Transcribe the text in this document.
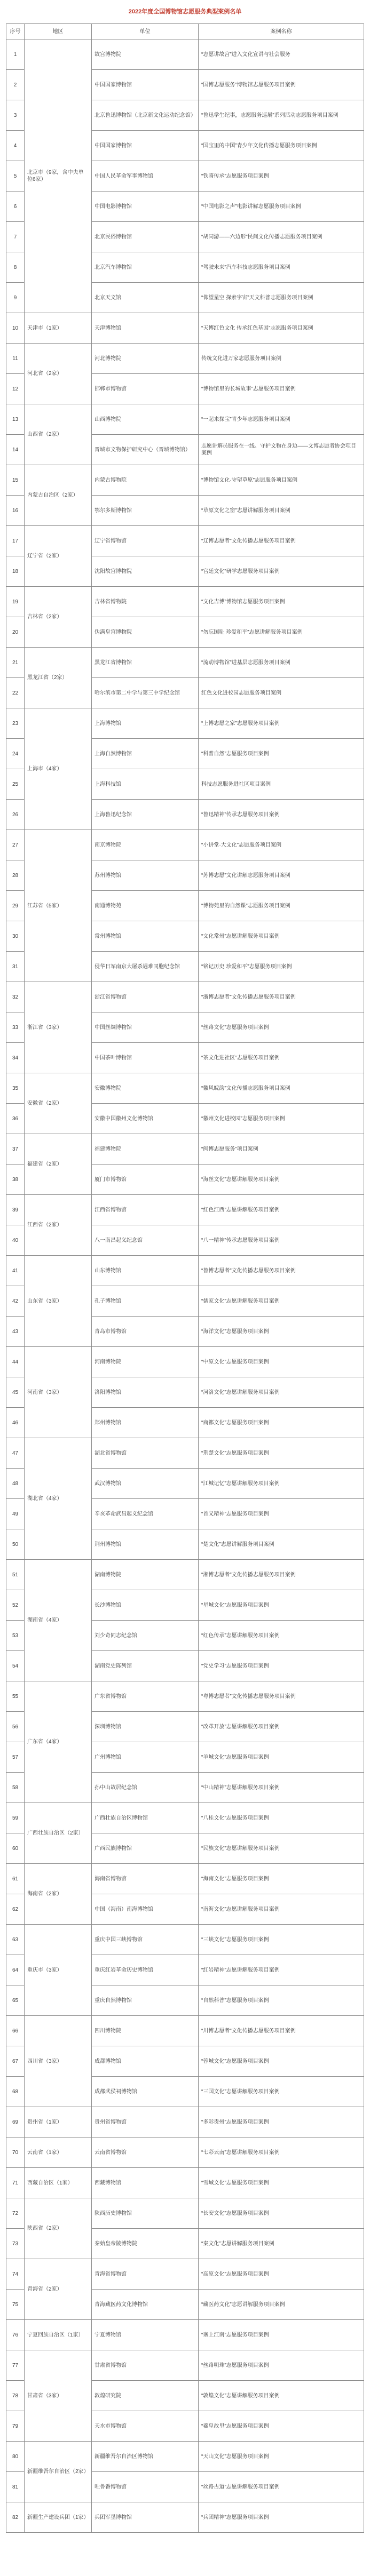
2022年度全国博物馆志愿服务典型案例名单
序号	地区	单位	案例名称
1	北京市（9家，含中央单位6家）	故宫博物院	“志愿讲故宫”进入文化宣讲与社会服务
2		中国国家博物馆	“国博志愿服务”博物馆志愿服务项目案例
3		北京鲁迅博物馆（北京新文化运动纪念馆）	“鲁迅学生纪事，志愿服务巡展”系列活动志愿服务项目案例
4		中国国家博物馆	“国宝里的中国”青少年文化传播志愿服务项目案例
5		中国人民革命军事博物馆	“铁骑传承”志愿服务项目案例
6		中国电影博物馆	“中国电影之声”电影讲解志愿服务项目案例
7		北京民俗博物馆	“胡同游——六边形”民间文化传播志愿服务项目案例
8		北京汽车博物馆	“驾驶未来”汽车科技志愿服务项目案例
9		北京天文馆	“仰望星空 探索宇宙”天文科普志愿服务项目案例
10	天津市（1家）	天津博物馆	“天博红色文化 传承红色基因”志愿服务项目案例
11	河北省（2家）	河北博物院	传统文化进万家志愿服务项目案例
12		邯郸市博物馆	“博物馆里的长城故事”志愿服务项目案例
13	山西省（2家）	山西博物院	“一起来探宝”青少年志愿服务项目案例
14		晋城市文物保护研究中心（晋城博物馆）	志愿讲解员服务在一线、守护文物在身边——文博志愿者协会项目案例
15	内蒙古自治区（2家）	内蒙古博物院	“博物馆文化·守望草原”志愿服务项目案例
16		鄂尔多斯博物馆	“草原文化之窗”志愿讲解服务项目案例
17	辽宁省（2家）	辽宁省博物馆	“辽博志愿者”文化传播志愿服务项目案例
18		沈阳故宫博物院	“宫廷文化”研学志愿服务项目案例
19	吉林省（2家）	吉林省博物院	“文化吉博”博物馆志愿服务项目案例
20		伪满皇宫博物院	“勿忘国耻 珍爱和平”志愿讲解服务项目案例
21	黑龙江省（2家）	黑龙江省博物馆	“流动博物馆”进基层志愿服务项目案例
22		哈尔滨市第二中学与第三中学纪念馆	红色文化进校园志愿服务项目案例
23	上海市（4家）	上海博物馆	“上博志愿之家”志愿服务项目案例
24		上海自然博物馆	“科普自然”志愿服务项目案例
25		上海科技馆	科技志愿服务进社区项目案例
26		上海鲁迅纪念馆	“鲁迅精神”传承志愿服务项目案例
27	江苏省（5家）	南京博物院	“小讲堂·大文化”志愿服务项目案例
28		苏州博物馆	“苏博志愿”文化讲解志愿服务项目案例
29		南通博物苑	“博物苑里的自然课”志愿服务项目案例
30		常州博物馆	“文化常州”志愿讲解服务项目案例
31		侵华日军南京大屠杀遇难同胞纪念馆	“铭记历史 珍爱和平”志愿服务项目案例
32	浙江省（3家）	浙江省博物馆	“浙博志愿者”文化传播志愿服务项目案例
33		中国丝绸博物馆	“丝路文化”志愿服务项目案例
34		中国茶叶博物馆	“茶文化进社区”志愿服务项目案例
35	安徽省（2家）	安徽博物院	“徽风皖韵”文化传播志愿服务项目案例
36		安徽中国徽州文化博物馆	“徽州文化进校园”志愿服务项目案例
37	福建省（2家）	福建博物院	“闽博志愿服务”项目案例
38		厦门市博物馆	“海丝文化”志愿讲解服务项目案例
39	江西省（2家）	江西省博物馆	“红色江西”志愿讲解服务项目案例
40		八一南昌起义纪念馆	“八一精神”传承志愿服务项目案例
41	山东省（3家）	山东博物馆	“鲁博志愿者”文化传播志愿服务项目案例
42		孔子博物馆	“儒家文化”志愿讲解服务项目案例
43		青岛市博物馆	“海洋文化”志愿服务项目案例
44	河南省（3家）	河南博物院	“中原文化”志愿服务项目案例
45		洛阳博物馆	“河洛文化”志愿讲解服务项目案例
46		郑州博物馆	“商都文化”志愿服务项目案例
47	湖北省（4家）	湖北省博物馆	“荆楚文化”志愿服务项目案例
48		武汉博物馆	“江城记忆”志愿讲解服务项目案例
49		辛亥革命武昌起义纪念馆	“首义精神”志愿服务项目案例
50		荆州博物馆	“楚文化”志愿讲解服务项目案例
51	湖南省（4家）	湖南博物院	“湘博志愿者”文化传播志愿服务项目案例
52		长沙博物馆	“星城文化”志愿服务项目案例
53		刘少奇同志纪念馆	“红色传承”志愿讲解服务项目案例
54		湖南党史陈列馆	“党史学习”志愿服务项目案例
55	广东省（4家）	广东省博物馆	“粤博志愿者”文化传播志愿服务项目案例
56		深圳博物馆	“改革开放”志愿讲解服务项目案例
57		广州博物馆	“羊城文化”志愿服务项目案例
58		孙中山故居纪念馆	“中山精神”志愿讲解服务项目案例
59	广西壮族自治区（2家）	广西壮族自治区博物馆	“八桂文化”志愿服务项目案例
60		广西民族博物馆	“民族文化”志愿讲解服务项目案例
61	海南省（2家）	海南省博物馆	“海南文化”志愿服务项目案例
62		中国（海南）南海博物馆	“南海文化”志愿讲解服务项目案例
63	重庆市（3家）	重庆中国三峡博物馆	“三峡文化”志愿服务项目案例
64		重庆红岩革命历史博物馆	“红岩精神”志愿讲解服务项目案例
65		重庆自然博物馆	“自然科普”志愿服务项目案例
66	四川省（3家）	四川博物院	“川博志愿者”文化传播志愿服务项目案例
67		成都博物馆	“蓉城文化”志愿服务项目案例
68		成都武侯祠博物馆	“三国文化”志愿讲解服务项目案例
69	贵州省（1家）	贵州省博物馆	“多彩贵州”志愿服务项目案例
70	云南省（1家）	云南省博物馆	“七彩云南”志愿讲解服务项目案例
71	西藏自治区（1家）	西藏博物馆	“雪域文化”志愿服务项目案例
72	陕西省（2家）	陕西历史博物馆	“长安文化”志愿服务项目案例
73		秦始皇帝陵博物院	“秦文化”志愿讲解服务项目案例
74	青海省（2家）	青海省博物馆	“高原文化”志愿服务项目案例
75		青海藏医药文化博物馆	“藏医药文化”志愿讲解服务项目案例
76	宁夏回族自治区（1家）	宁夏博物馆	“塞上江南”志愿服务项目案例
77	甘肃省（3家）	甘肃省博物馆	“丝路明珠”志愿服务项目案例
78		敦煌研究院	“敦煌文化”志愿讲解服务项目案例
79		天水市博物馆	“羲皇故里”志愿服务项目案例
80	新疆维吾尔自治区（2家）	新疆维吾尔自治区博物馆	“天山文化”志愿服务项目案例
81		吐鲁番博物馆	“丝路古道”志愿讲解服务项目案例
82	新疆生产建设兵团（1家）	兵团军垦博物馆	“兵团精神”志愿服务项目案例
